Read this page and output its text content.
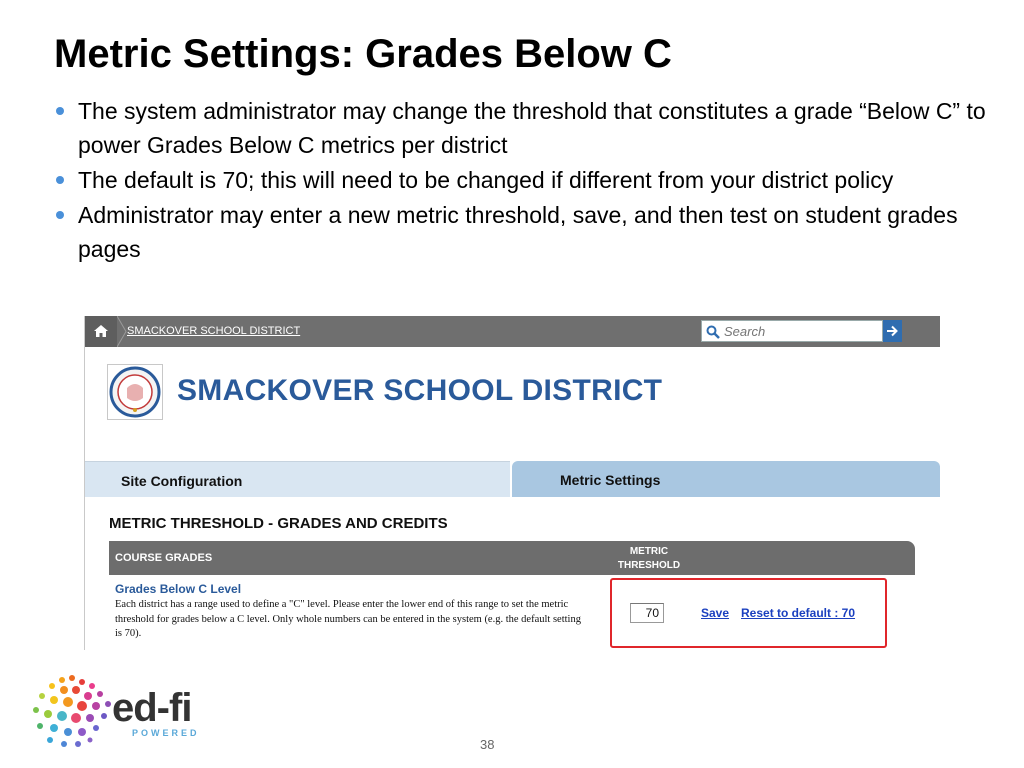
Metric Settings: Grades Below C
The system administrator may change the threshold that constitutes a grade “Below C” to power Grades Below C metrics per district
The default is 70; this will need to be changed if different from your district policy
Administrator may enter a new metric threshold, save, and then test on student grades pages
SMACKOVER SCHOOL DISTRICT
Search
SMACKOVER SCHOOL DISTRICT
Site Configuration	Metric Settings
METRIC THRESHOLD - GRADES AND CREDITS
COURSE GRADES
METRIC THRESHOLD
Grades Below C Level
Each district has a range used to define a "C" level. Please enter the lower end of this range to set the metric threshold for grades below a C level. Only whole numbers can be entered in the system (e.g. the default setting is 70).
70
Save Reset to default : 70
ed-fi
POWERED
38
